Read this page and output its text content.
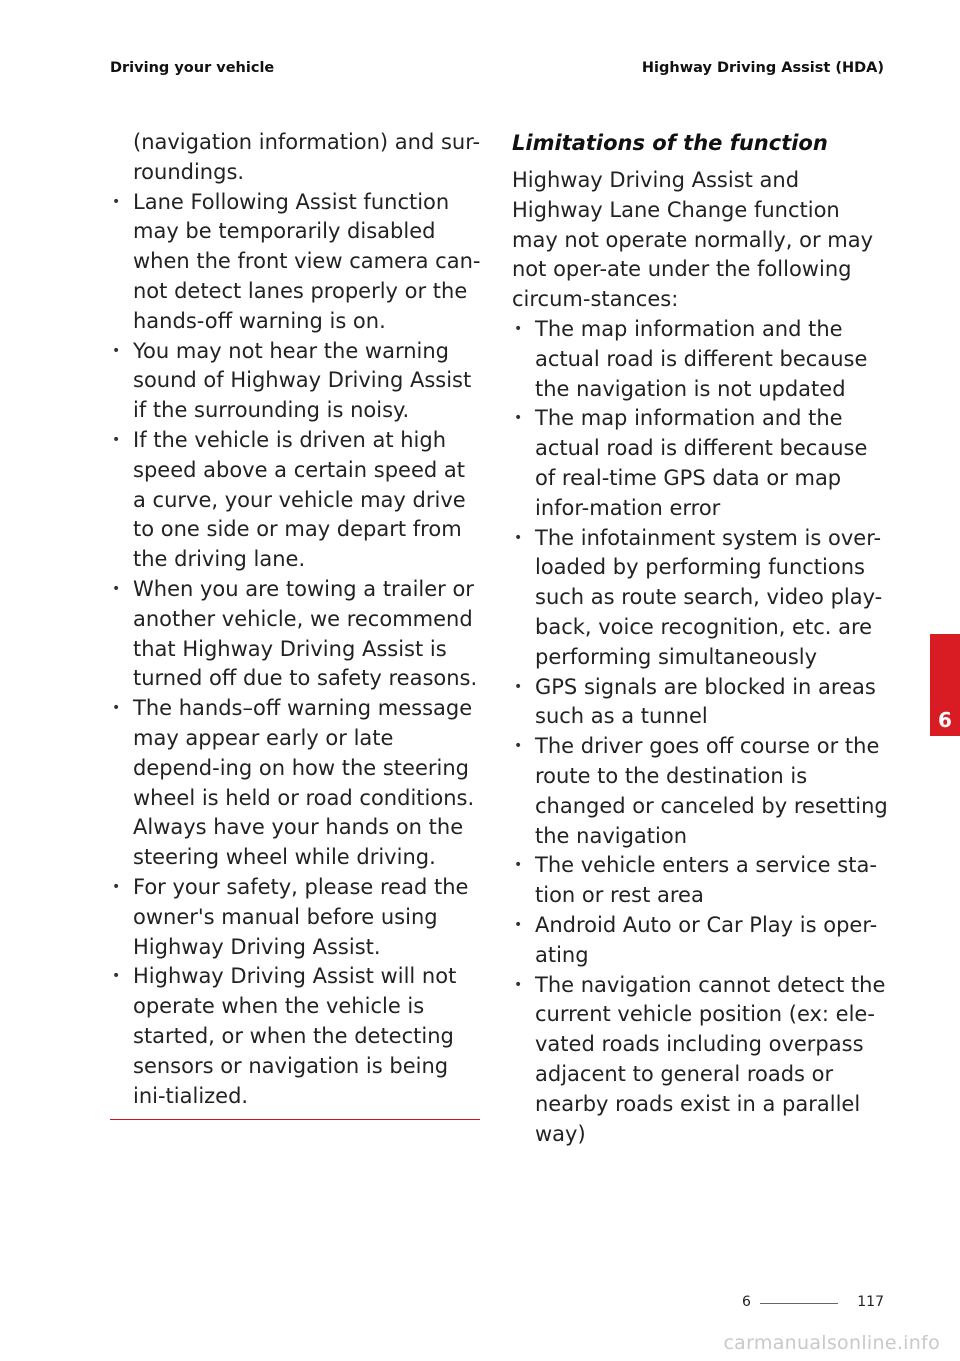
Driving your vehicle	Highway Driving Assist (HDA)

(navigation information) and sur-roundings.

• Lane Following Assist function may be temporarily disabled when the front view camera can-not detect lanes properly or the hands-off warning is on.
• You may not hear the warning sound of Highway Driving Assist if the surrounding is noisy.
• If the vehicle is driven at high speed above a certain speed at a curve, your vehicle may drive to one side or may depart from the driving lane.
• When you are towing a trailer or another vehicle, we recommend that Highway Driving Assist is turned off due to safety reasons.
• The hands–off warning message may appear early or late depend-ing on how the steering wheel is held or road conditions. Always have your hands on the steering wheel while driving.
• For your safety, please read the owner's manual before using Highway Driving Assist.
• Highway Driving Assist will not operate when the vehicle is started, or when the detecting sensors or navigation is being ini-tialized.
Limitations of the function

Highway Driving Assist and Highway Lane Change function may not operate normally, or may not oper-ate under the following circum-stances:

• The map information and the actual road is different because the navigation is not updated
• The map information and the actual road is different because of real-time GPS data or map infor-mation error
• The infotainment system is over-loaded by performing functions such as route search, video play-back, voice recognition, etc. are performing simultaneously
• GPS signals are blocked in areas such as a tunnel
• The driver goes off course or the route to the destination is changed or canceled by resetting the navigation
• The vehicle enters a service sta-tion or rest area
• Android Auto or Car Play is oper-ating
• The navigation cannot detect the current vehicle position (ex: ele-vated roads including overpass adjacent to general roads or nearby roads exist in a parallel way)
6
6	117
carmanualsonline.info
